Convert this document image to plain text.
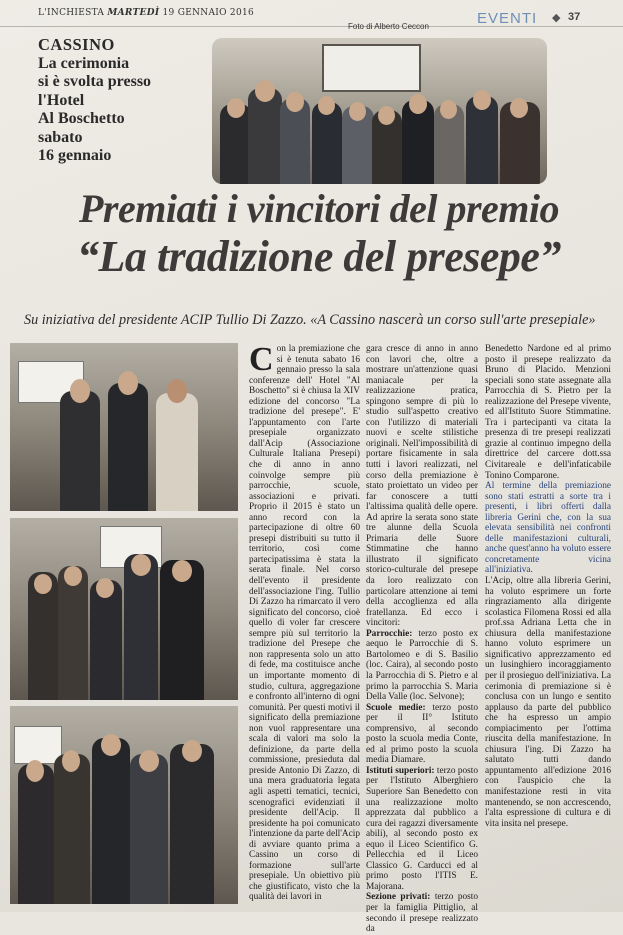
L'INCHIESTA MARTEDÌ 19 GENNAIO 2016
Foto di Alberto Ceccon	EVENTI ◆ 37
CASSINO
La cerimonia
si è svolta presso
l'Hotel
Al Boschetto
sabato
16 gennaio
Premiati i vincitori del premio
“La tradizione del presepe”
Su iniziativa del presidente ACIP Tullio Di Zazzo. «A Cassino nascerà un corso sull'arte presepiale»

Con la premiazione che si è tenuta sabato 16 gennaio presso la sala conferenze dell' Hotel "Al Boschetto" si è chiusa la XIV edizione del concorso "La tradizione del presepe". E' l'appuntamento con l'arte presepiale organizzato dall'Acip (Associazione Culturale Italiana Presepi) che di anno in anno coinvolge sempre più parrocchie, scuole, associazioni e privati. Proprio il 2015 è stato un anno record con la partecipazione di oltre 60 presepi distribuiti su tutto il territorio, così come partecipatissima è stata la serata finale. Nel corso dell'evento il presidente dell'associazione l'ing. Tullio Di Zazzo ha rimarcato il vero significato del concorso, cioè quello di voler far crescere sempre più sul territorio la tradizione del Presepe che non rappresenta solo un atto di fede, ma costituisce anche un importante momento di studio, cultura, aggregazione e confronto all'interno di ogni comunità. Per questi motivi il significato della premiazione non vuol rappresentare una scala di valori ma solo la definizione, da parte della commissione, presieduta dal preside Antonio Di Zazzo, di una mera graduatoria legata agli aspetti tematici, tecnici, scenografici evidenziati il presidente dell'Acip. Il presidente ha poi comunicato l'intenzione da parte dell'Acip di avviare quanto prima a Cassino un corso di formazione sull'arte presepiale. Un obiettivo più che giustificato, visto che la qualità dei lavori in

gara cresce di anno in anno con lavori che, oltre a mostrare un'attenzione quasi maniacale per la realizzazione pratica, spingono sempre di più lo studio sull'aspetto creativo con l'utilizzo di materiali nuovi e scelte stilistiche originali. Nell'impossibilità di portare fisicamente in sala tutti i lavori realizzati, nel corso della premiazione è stato proiettato un video per far conoscere a tutti l'altissima qualità delle opere. Ad aprire la serata sono state tre alunne della Scuola Primaria delle Suore Stimmatine che hanno illustrato il significato storico-culturale del presepe da loro realizzato con particolare attenzione ai temi della accoglienza ed alla fratellanza. Ed ecco i vincitori:

Parrocchie: terzo posto ex aequo le Parrocchie di S. Bartolomeo e di S. Basilio (loc. Caira), al secondo posto la Parrocchia di S. Pietro e al primo la parrocchia S. Maria Della Valle (loc. Selvone);

Scuole medie: terzo posto per il II° Istituto comprensivo, al secondo posto la scuola media Conte, ed al primo posto la scuola media Diamare.

Istituti superiori: terzo posto per l'Istituto Alberghiero Superiore San Benedetto con una realizzazione molto apprezzata dal pubblico a cura dei ragazzi diversamente abili), al secondo posto ex equo il Liceo Scientifico G. Pellecchia ed il Liceo Classico G. Carducci ed al primo posto l'ITIS E. Majorana.

Sezione privati: terzo posto per la famiglia Pittiglio, al secondo il presepe realizzato da

Benedetto Nardone ed al primo posto il presepe realizzato da Bruno di Placido. Menzioni speciali sono state assegnate alla Parrocchia di S. Pietro per la realizzazione del Presepe vivente, ed all'Istituto Suore Stimmatine. Tra i partecipanti va citata la presenza di tre presepi realizzati grazie al continuo impegno della direttrice del carcere dott.ssa Civitareale e dell'infaticabile Tonino Comparone.

Al termine della premiazione sono stati estratti a sorte tra i presenti, i libri offerti dalla libreria Gerini che, con la sua elevata sensibilità nei confronti delle manifestazioni culturali, anche quest'anno ha voluto essere concretamente vicina all'iniziativa.

L'Acip, oltre alla libreria Gerini, ha voluto esprimere un forte ringraziamento alla dirigente scolastica Filomena Rossi ed alla prof.ssa Adriana Letta che in chiusura della manifestazione hanno voluto esprimere un significativo apprezzamento ed un lusinghiero incoraggiamento per il prosieguo dell'iniziativa. La cerimonia di premiazione si è conclusa con un lungo e sentito applauso da parte del pubblico che ha espresso un ampio compiacimento per l'ottima riuscita della manifestazione. In chiusura l'ing. Di Zazzo ha salutato tutti dando appuntamento all'edizione 2016 con l'auspicio che la manifestazione resti in vita mantenendo, se non accrescendo, l'alta espressione di cultura e di vita insita nel presepe.
